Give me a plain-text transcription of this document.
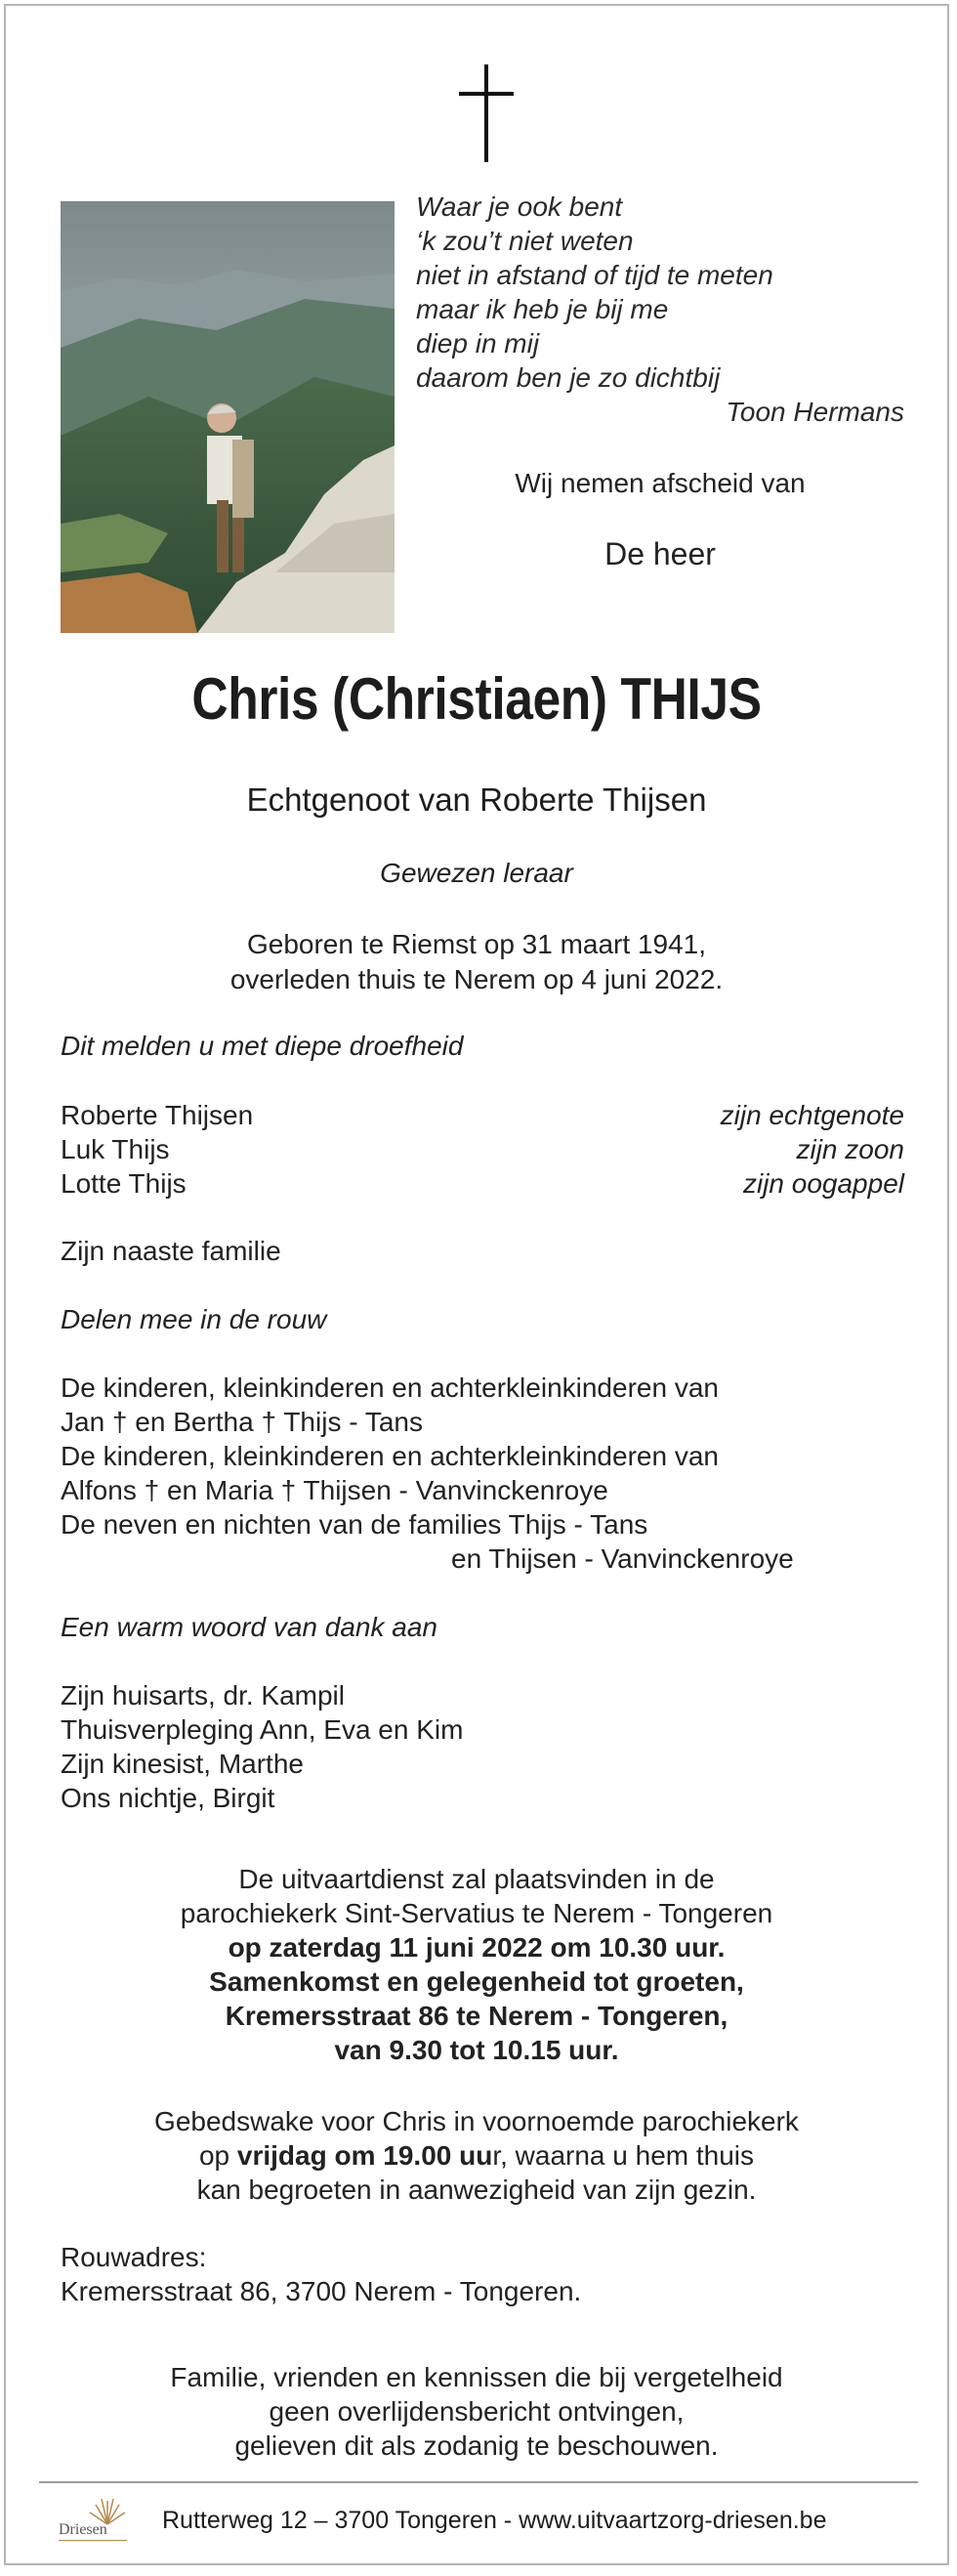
Waar je ook bent
‘k zou’t niet weten
niet in afstand of tijd te meten
maar ik heb je bij me
diep in mij
daarom ben je zo dichtbij
Toon Hermans
Wij nemen afscheid van
De heer
Chris (Christiaen) THIJS
Echtgenoot van Roberte Thijsen
Gewezen leraar
Geboren te Riemst op 31 maart 1941,
overleden thuis te Nerem op 4 juni 2022.
Dit melden u met diepe droefheid
Roberte Thijsen	zijn echtgenote
Luk Thijs	zijn zoon
Lotte Thijs	zijn oogappel
Zijn naaste familie
Delen mee in de rouw
De kinderen, kleinkinderen en achterkleinkinderen van
Jan † en Bertha † Thijs - Tans
De kinderen, kleinkinderen en achterkleinkinderen van
Alfons † en Maria † Thijsen - Vanvinckenroye
De neven en nichten van de families Thijs - Tans
en Thijsen - Vanvinckenroye
Een warm woord van dank aan
Zijn huisarts, dr. Kampil
Thuisverpleging Ann, Eva en Kim
Zijn kinesist, Marthe
Ons nichtje, Birgit
De uitvaartdienst zal plaatsvinden in de
parochiekerk Sint-Servatius te Nerem - Tongeren
op zaterdag 11 juni 2022 om 10.30 uur.
Samenkomst en gelegenheid tot groeten,
Kremersstraat 86 te Nerem - Tongeren,
van 9.30 tot 10.15 uur.
Gebedswake voor Chris in voornoemde parochiekerk
op vrijdag om 19.00 uur, waarna u hem thuis
kan begroeten in aanwezigheid van zijn gezin.
Rouwadres:
Kremersstraat 86, 3700 Nerem - Tongeren.
Familie, vrienden en kennissen die bij vergetelheid
geen overlijdensbericht ontvingen,
gelieven dit als zodanig te beschouwen.
Driesen Rutterweg 12 – 3700 Tongeren - www.uitvaartzorg-driesen.be
